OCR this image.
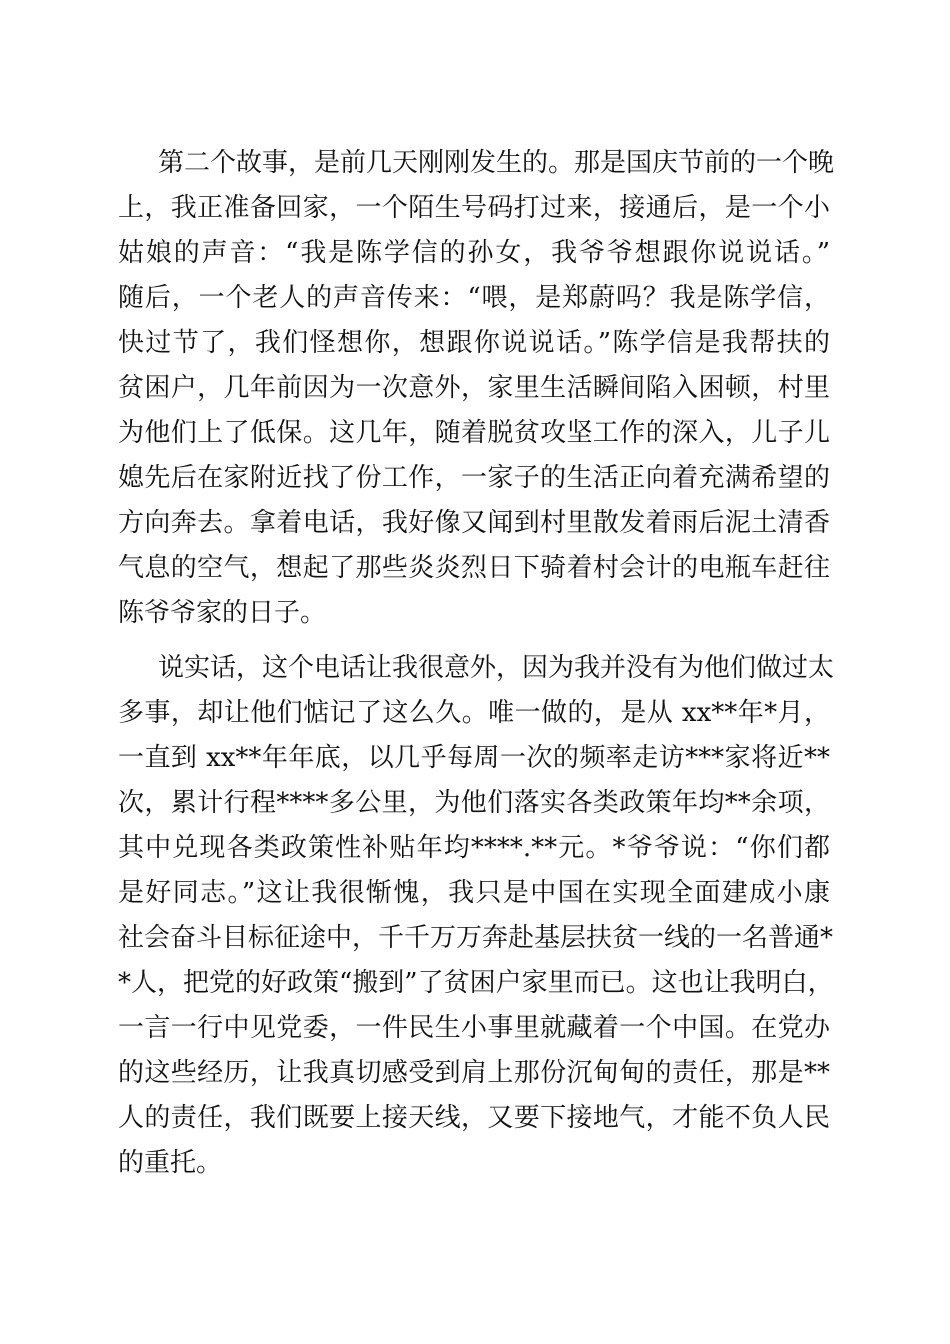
第二个故事，是前几天刚刚发生的。那是国庆节前的一个晚
上，我正准备回家，一个陌生号码打过来，接通后，是一个小
姑娘的声音：“我是陈学信的孙女，我爷爷想跟你说说话。”
随后，一个老人的声音传来：“喂，是郑蔚吗？我是陈学信，
快过节了，我们怪想你，想跟你说说话。”陈学信是我帮扶的
贫困户，几年前因为一次意外，家里生活瞬间陷入困顿，村里
为他们上了低保。这几年，随着脱贫攻坚工作的深入，儿子儿
媳先后在家附近找了份工作，一家子的生活正向着充满希望的
方向奔去。拿着电话，我好像又闻到村里散发着雨后泥土清香
气息的空气，想起了那些炎炎烈日下骑着村会计的电瓶车赶往
陈爷爷家的日子。
说实话，这个电话让我很意外，因为我并没有为他们做过太
多事，却让他们惦记了这么久。唯一做的，是从 xx**年*月，
一直到 xx**年年底，以几乎每周一次的频率走访***家将近**
次，累计行程****多公里，为他们落实各类政策年均**余项，
其中兑现各类政策性补贴年均****.**元。*爷爷说：“你们都
是好同志。”这让我很惭愧，我只是中国在实现全面建成小康
社会奋斗目标征途中，千千万万奔赴基层扶贫一线的一名普通*
*人，把党的好政策“搬到”了贫困户家里而已。这也让我明白，
一言一行中见党委，一件民生小事里就藏着一个中国。在党办
的这些经历，让我真切感受到肩上那份沉甸甸的责任，那是**
人的责任，我们既要上接天线，又要下接地气，才能不负人民
的重托。
